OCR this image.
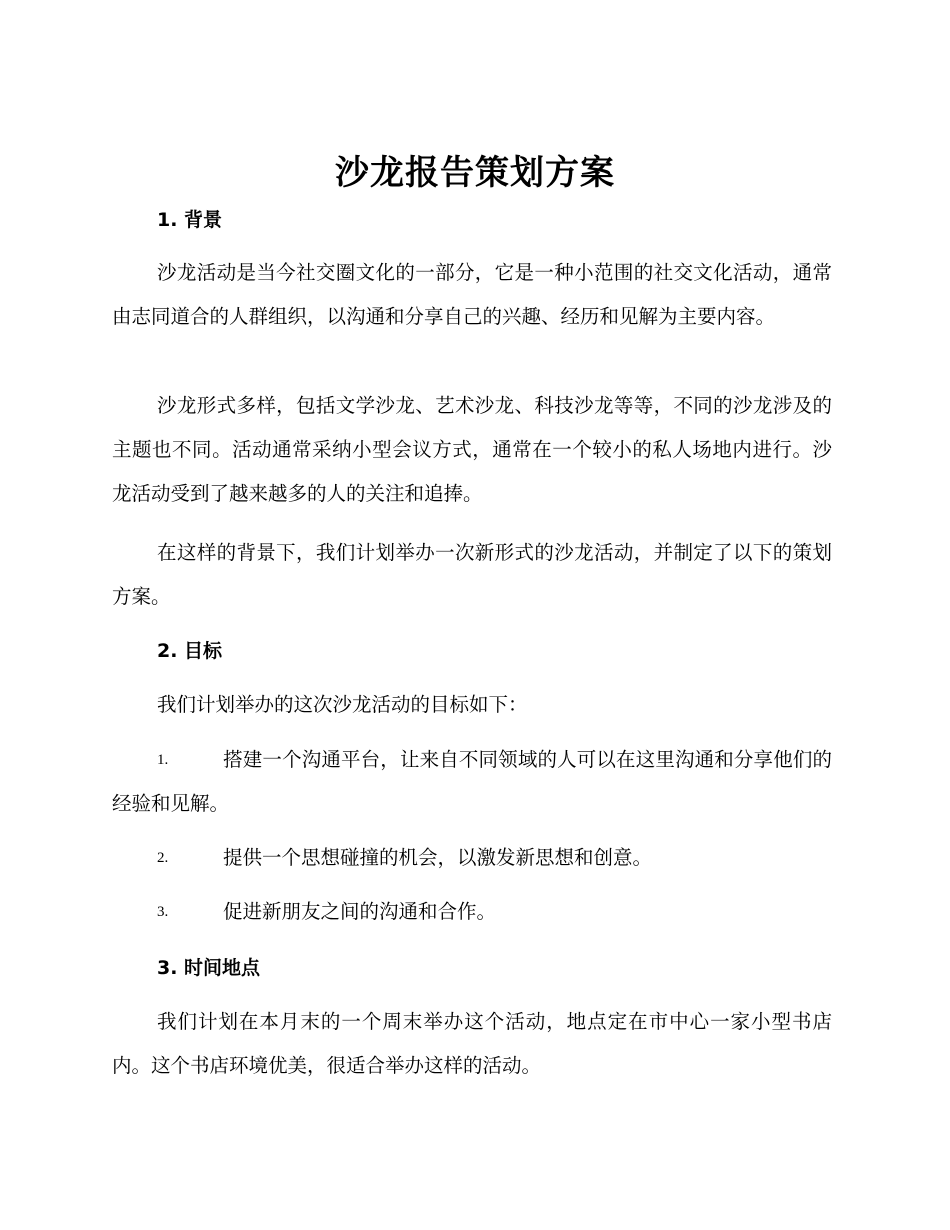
沙龙报告策划方案
1. 背景
沙龙活动是当今社交圈文化的一部分，它是一种小范围的社交文化活动，通常由志同道合的人群组织，以沟通和分享自己的兴趣、经历和见解为主要内容。
沙龙形式多样，包括文学沙龙、艺术沙龙、科技沙龙等等，不同的沙龙涉及的主题也不同。活动通常采纳小型会议方式，通常在一个较小的私人场地内进行。沙龙活动受到了越来越多的人的关注和追捧。
在这样的背景下，我们计划举办一次新形式的沙龙活动，并制定了以下的策划方案。
2. 目标
我们计划举办的这次沙龙活动的目标如下：
1.	搭建一个沟通平台，让来自不同领域的人可以在这里沟通和分享他们的经验和见解。
2.	提供一个思想碰撞的机会，以激发新思想和创意。
3.	促进新朋友之间的沟通和合作。
3. 时间地点
我们计划在本月末的一个周末举办这个活动，地点定在市中心一家小型书店内。这个书店环境优美，很适合举办这样的活动。
